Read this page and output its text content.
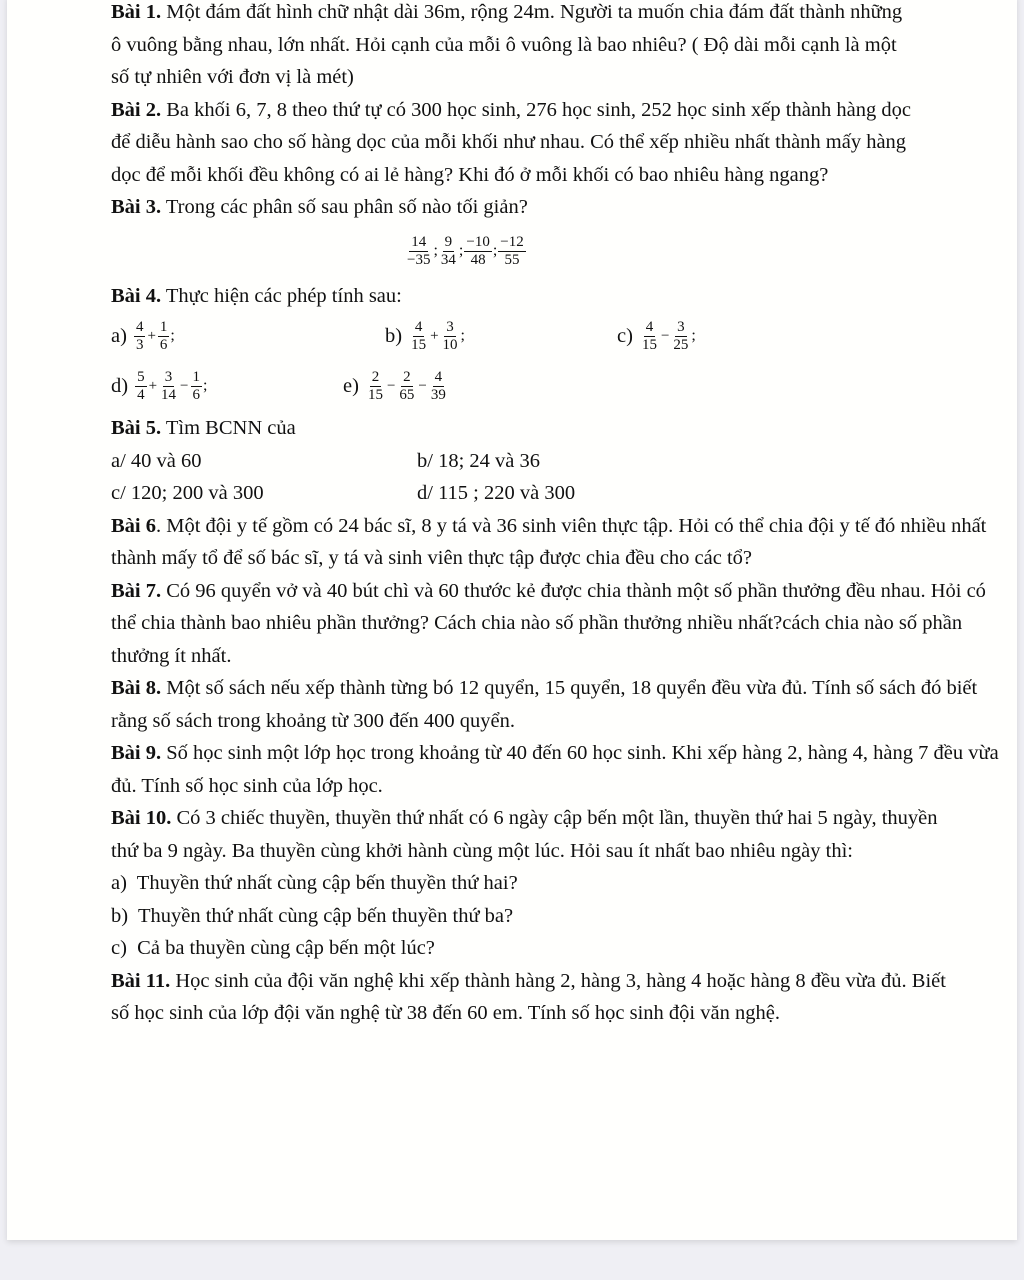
Bài 1. Một đám đất hình chữ nhật dài 36m, rộng 24m. Người ta muốn chia đám đất thành những ô vuông bằng nhau, lớn nhất. Hỏi cạnh của mỗi ô vuông là bao nhiêu? ( Độ dài mỗi cạnh là một số tự nhiên với đơn vị là mét)

Bài 2. Ba khối 6, 7, 8 theo thứ tự có 300 học sinh, 276 học sinh, 252 học sinh xếp thành hàng dọc để diễu hành sao cho số hàng dọc của mỗi khối như nhau. Có thể xếp nhiều nhất thành mấy hàng dọc để mỗi khối đều không có ai lẻ hàng? Khi đó ở mỗi khối có bao nhiêu hàng ngang?

Bài 3. Trong các phân số sau phân số nào tối giản?

$\frac{14}{-35}$ ; $\frac{9}{34}$ ; $\frac{-10}{48}$ ; $\frac{-12}{55}$

Bài 4. Thực hiện các phép tính sau:

$a) \frac{4}{3} + \frac{1}{6}$ ;	$b) \frac{4}{15} + \frac{3}{10}$ ;	$c) \frac{4}{15} - \frac{3}{25}$ ;
$d) \frac{5}{4} + \frac{3}{14} - \frac{1}{6}$ ;	$e) \frac{2}{15} - \frac{2}{65} - \frac{4}{39}$

Bài 5. Tìm BCNN của

a/ 40 và 60	b/ 18; 24 và 36
c/ 120; 200 và 300	d/ 115 ; 220 và 300

Bài 6. Một đội y tế gồm có 24 bác sĩ, 8 y tá và 36 sinh viên thực tập. Hỏi có thể chia đội y tế đó nhiều nhất thành mấy tổ để số bác sĩ, y tá và sinh viên thực tập được chia đều cho các tổ?

Bài 7. Có 96 quyển vở và 40 bút chì và 60 thước kẻ được chia thành một số phần thưởng đều nhau. Hỏi có thể chia thành bao nhiêu phần thưởng? Cách chia nào số phần thưởng nhiều nhất?cách chia nào số phần thưởng ít nhất.

Bài 8. Một số sách nếu xếp thành từng bó 12 quyển, 15 quyển, 18 quyển đều vừa đủ. Tính số sách đó biết rằng số sách trong khoảng từ 300 đến 400 quyển.

Bài 9. Số học sinh một lớp học trong khoảng từ 40 đến 60 học sinh. Khi xếp hàng 2, hàng 4, hàng 7 đều vừa đủ. Tính số học sinh của lớp học.

Bài 10. Có 3 chiếc thuyền, thuyền thứ nhất có 6 ngày cập bến một lần, thuyền thứ hai 5 ngày, thuyền thứ ba 9 ngày. Ba thuyền cùng khởi hành cùng một lúc. Hỏi sau ít nhất bao nhiêu ngày thì:

a)  Thuyền thứ nhất cùng cập bến thuyền thứ hai?

b)  Thuyền thứ nhất cùng cập bến thuyền thứ ba?

c)  Cả ba thuyền cùng cập bến một lúc?

Bài 11. Học sinh của đội văn nghệ khi xếp thành hàng 2, hàng 3, hàng 4 hoặc hàng 8 đều vừa đủ. Biết số học sinh của lớp đội văn nghệ từ 38 đến 60 em. Tính số học sinh đội văn nghệ.
